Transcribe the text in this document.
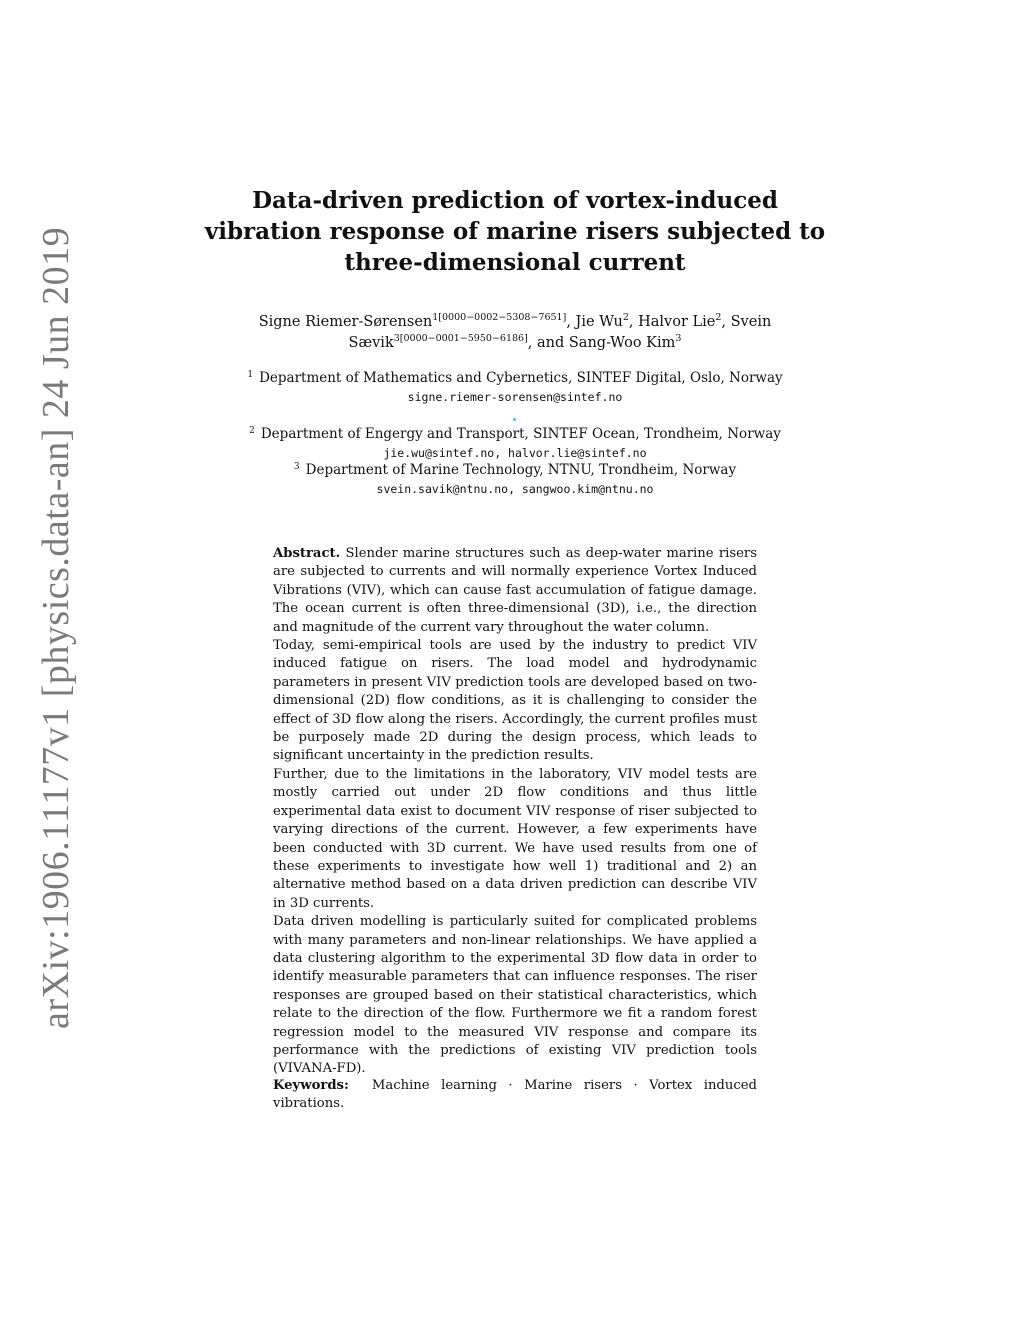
arXiv:1906.11177v1 [physics.data-an] 24 Jun 2019
Data-driven prediction of vortex-induced
vibration response of marine risers subjected to
three-dimensional current
Signe Riemer-Sørensen$^{1[0000-0002-5308-7651]}$, Jie Wu$^2$, Halvor Lie$^2$, Svein
Sævik$^{3[0000-0001-5950-6186]}$, and Sang-Woo Kim$^3$
$^1$ Department of Mathematics and Cybernetics, SINTEF Digital, Oslo, Norway
signe.riemer-sorensen@sintef.no
$^2$ Department of Engergy and Transport, SINTEF Ocean, Trondheim, Norway
jie.wu@sintef.no, halvor.lie@sintef.no
$^3$ Department of Marine Technology, NTNU, Trondheim, Norway
svein.savik@ntnu.no, sangwoo.kim@ntnu.no

Abstract. Slender marine structures such as deep-water marine risers are subjected to currents and will normally experience Vortex Induced Vibrations (VIV), which can cause fast accumulation of fatigue damage. The ocean current is often three-dimensional (3D), i.e., the direction and magnitude of the current vary throughout the water column.

Today, semi-empirical tools are used by the industry to predict VIV induced fatigue on risers. The load model and hydrodynamic parameters in present VIV prediction tools are developed based on two-dimensional (2D) flow conditions, as it is challenging to consider the effect of 3D flow along the risers. Accordingly, the current profiles must be purposely made 2D during the design process, which leads to significant uncertainty in the prediction results.

Further, due to the limitations in the laboratory, VIV model tests are mostly carried out under 2D flow conditions and thus little experimental data exist to document VIV response of riser subjected to varying directions of the current. However, a few experiments have been conducted with 3D current. We have used results from one of these experiments to investigate how well 1) traditional and 2) an alternative method based on a data driven prediction can describe VIV in 3D currents.

Data driven modelling is particularly suited for complicated problems with many parameters and non-linear relationships. We have applied a data clustering algorithm to the experimental 3D flow data in order to identify measurable parameters that can influence responses. The riser responses are grouped based on their statistical characteristics, which relate to the direction of the flow. Furthermore we fit a random forest regression model to the measured VIV response and compare its performance with the predictions of existing VIV prediction tools (VIVANA-FD).

Keywords: Machine learning · Marine risers · Vortex induced vibrations.
